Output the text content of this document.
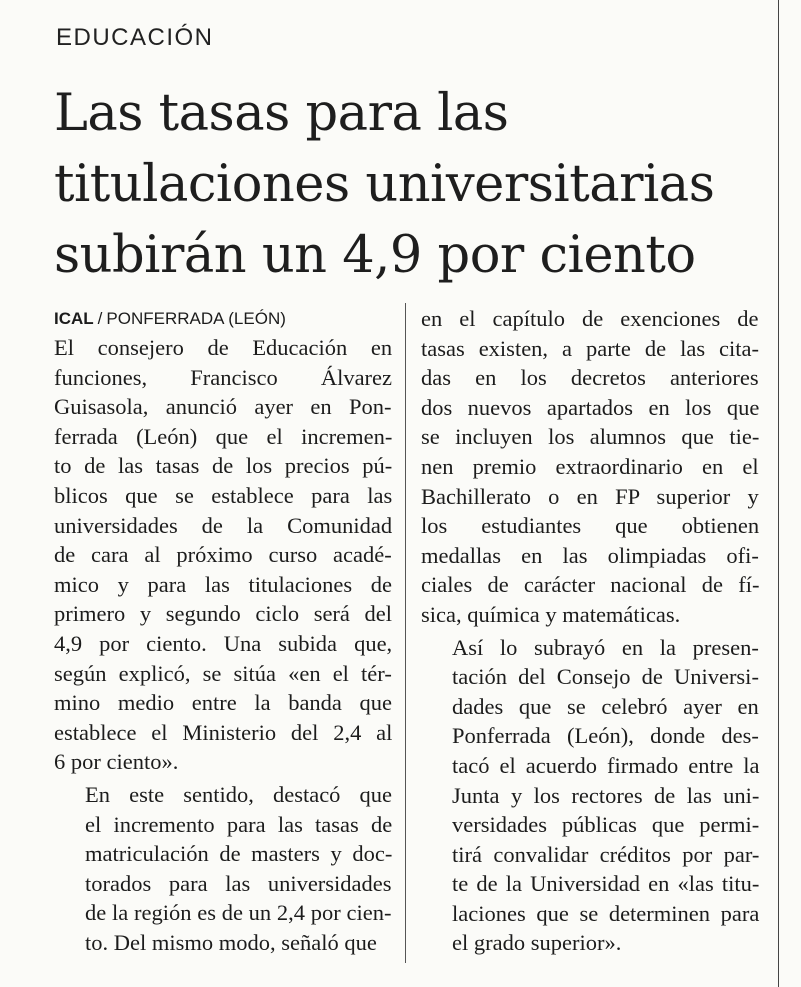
EDUCACIÓN
Las tasas para las
titulaciones universitarias
subirán un 4,9 por ciento
ICAL / PONFERRADA (LEÓN)

El consejero de Educación en
funciones, Francisco Álvarez
Guisasola, anunció ayer en Pon-
ferrada (León) que el incremen-
to de las tasas de los precios pú-
blicos que se establece para las
universidades de la Comunidad
de cara al próximo curso acadé-
mico y para las titulaciones de
primero y segundo ciclo será del
4,9 por ciento. Una subida que,
según explicó, se sitúa «en el tér-
mino medio entre la banda que
establece el Ministerio del 2,4 al
6 por ciento».

En este sentido, destacó que
el incremento para las tasas de
matriculación de masters y doc-
torados para las universidades
de la región es de un 2,4 por cien-
to. Del mismo modo, señaló que

en el capítulo de exenciones de
tasas existen, a parte de las cita-
das en los decretos anteriores
dos nuevos apartados en los que
se incluyen los alumnos que tie-
nen premio extraordinario en el
Bachillerato o en FP superior y
los estudiantes que obtienen
medallas en las olimpiadas ofi-
ciales de carácter nacional de fí-
sica, química y matemáticas.

Así lo subrayó en la presen-
tación del Consejo de Universi-
dades que se celebró ayer en
Ponferrada (León), donde des-
tacó el acuerdo firmado entre la
Junta y los rectores de las uni-
versidades públicas que permi-
tirá convalidar créditos por par-
te de la Universidad en «las titu-
laciones que se determinen para
el grado superior».
